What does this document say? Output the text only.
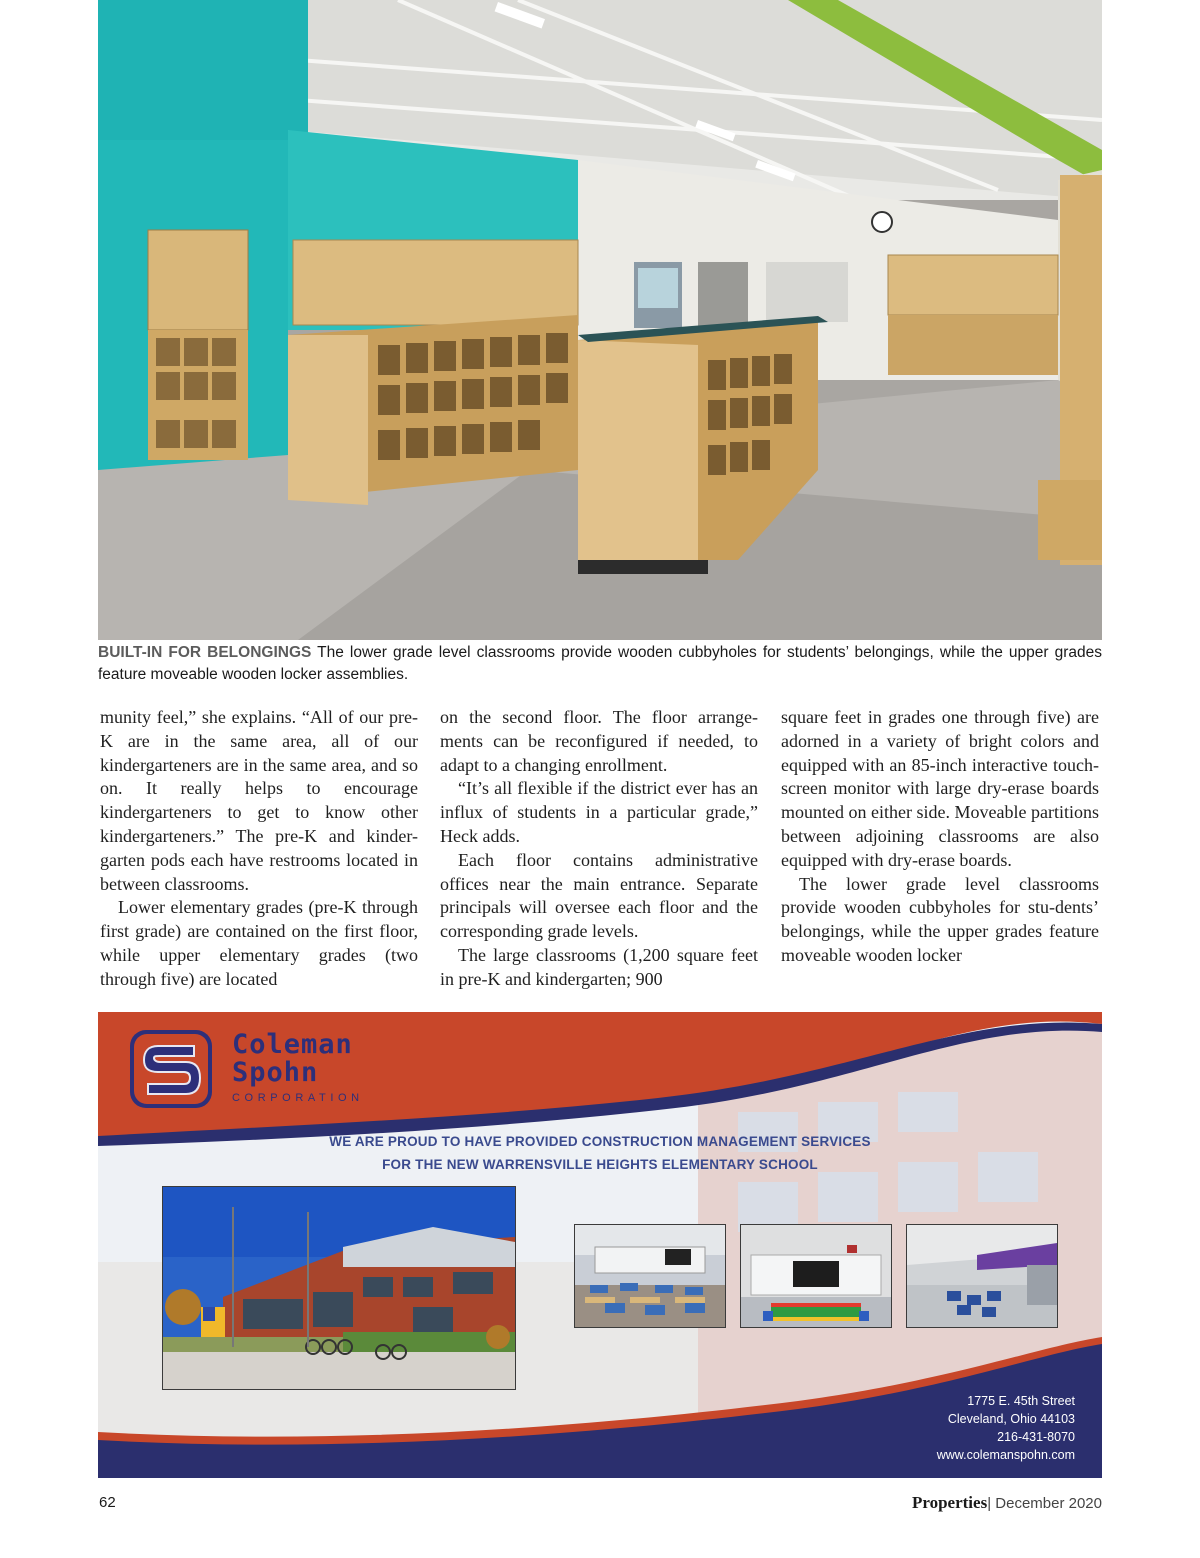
BUILT-IN FOR BELONGINGS The lower grade level classrooms provide wooden cubbyholes for students’ belongings, while the upper grades feature moveable wooden locker assemblies.

munity feel,” she explains. “All of our pre-K are in the same area, all of our kindergarteners are in the same area, and so on. It really helps to encourage kindergarteners to get to know other kindergarteners.” The pre-K and kinder-garten pods each have restrooms located in between classrooms.

Lower elementary grades (pre-K through first grade) are contained on the first floor, while upper elementary grades (two through five) are located

on the second floor. The floor arrange-ments can be reconfigured if needed, to adapt to a changing enrollment.

“It’s all flexible if the district ever has an influx of students in a particular grade,” Heck adds.

Each floor contains administrative offices near the main entrance. Separate principals will oversee each floor and the corresponding grade levels.

The large classrooms (1,200 square feet in pre-K and kindergarten; 900

square feet in grades one through five) are adorned in a variety of bright colors and equipped with an 85-inch interactive touch-screen monitor with large dry-erase boards mounted on either side. Moveable partitions between adjoining classrooms are also equipped with dry-erase boards.

The lower grade level classrooms provide wooden cubbyholes for stu-dents’ belongings, while the upper grades feature moveable wooden locker

Coleman
Spohn
CORPORATION
WE ARE PROUD TO HAVE PROVIDED CONSTRUCTION MANAGEMENT SERVICES
FOR THE NEW WARRENSVILLE HEIGHTS ELEMENTARY SCHOOL
1775 E. 45th Street
Cleveland, Ohio 44103
216-431-8070
www.colemanspohn.com
62	Properties| December 2020
